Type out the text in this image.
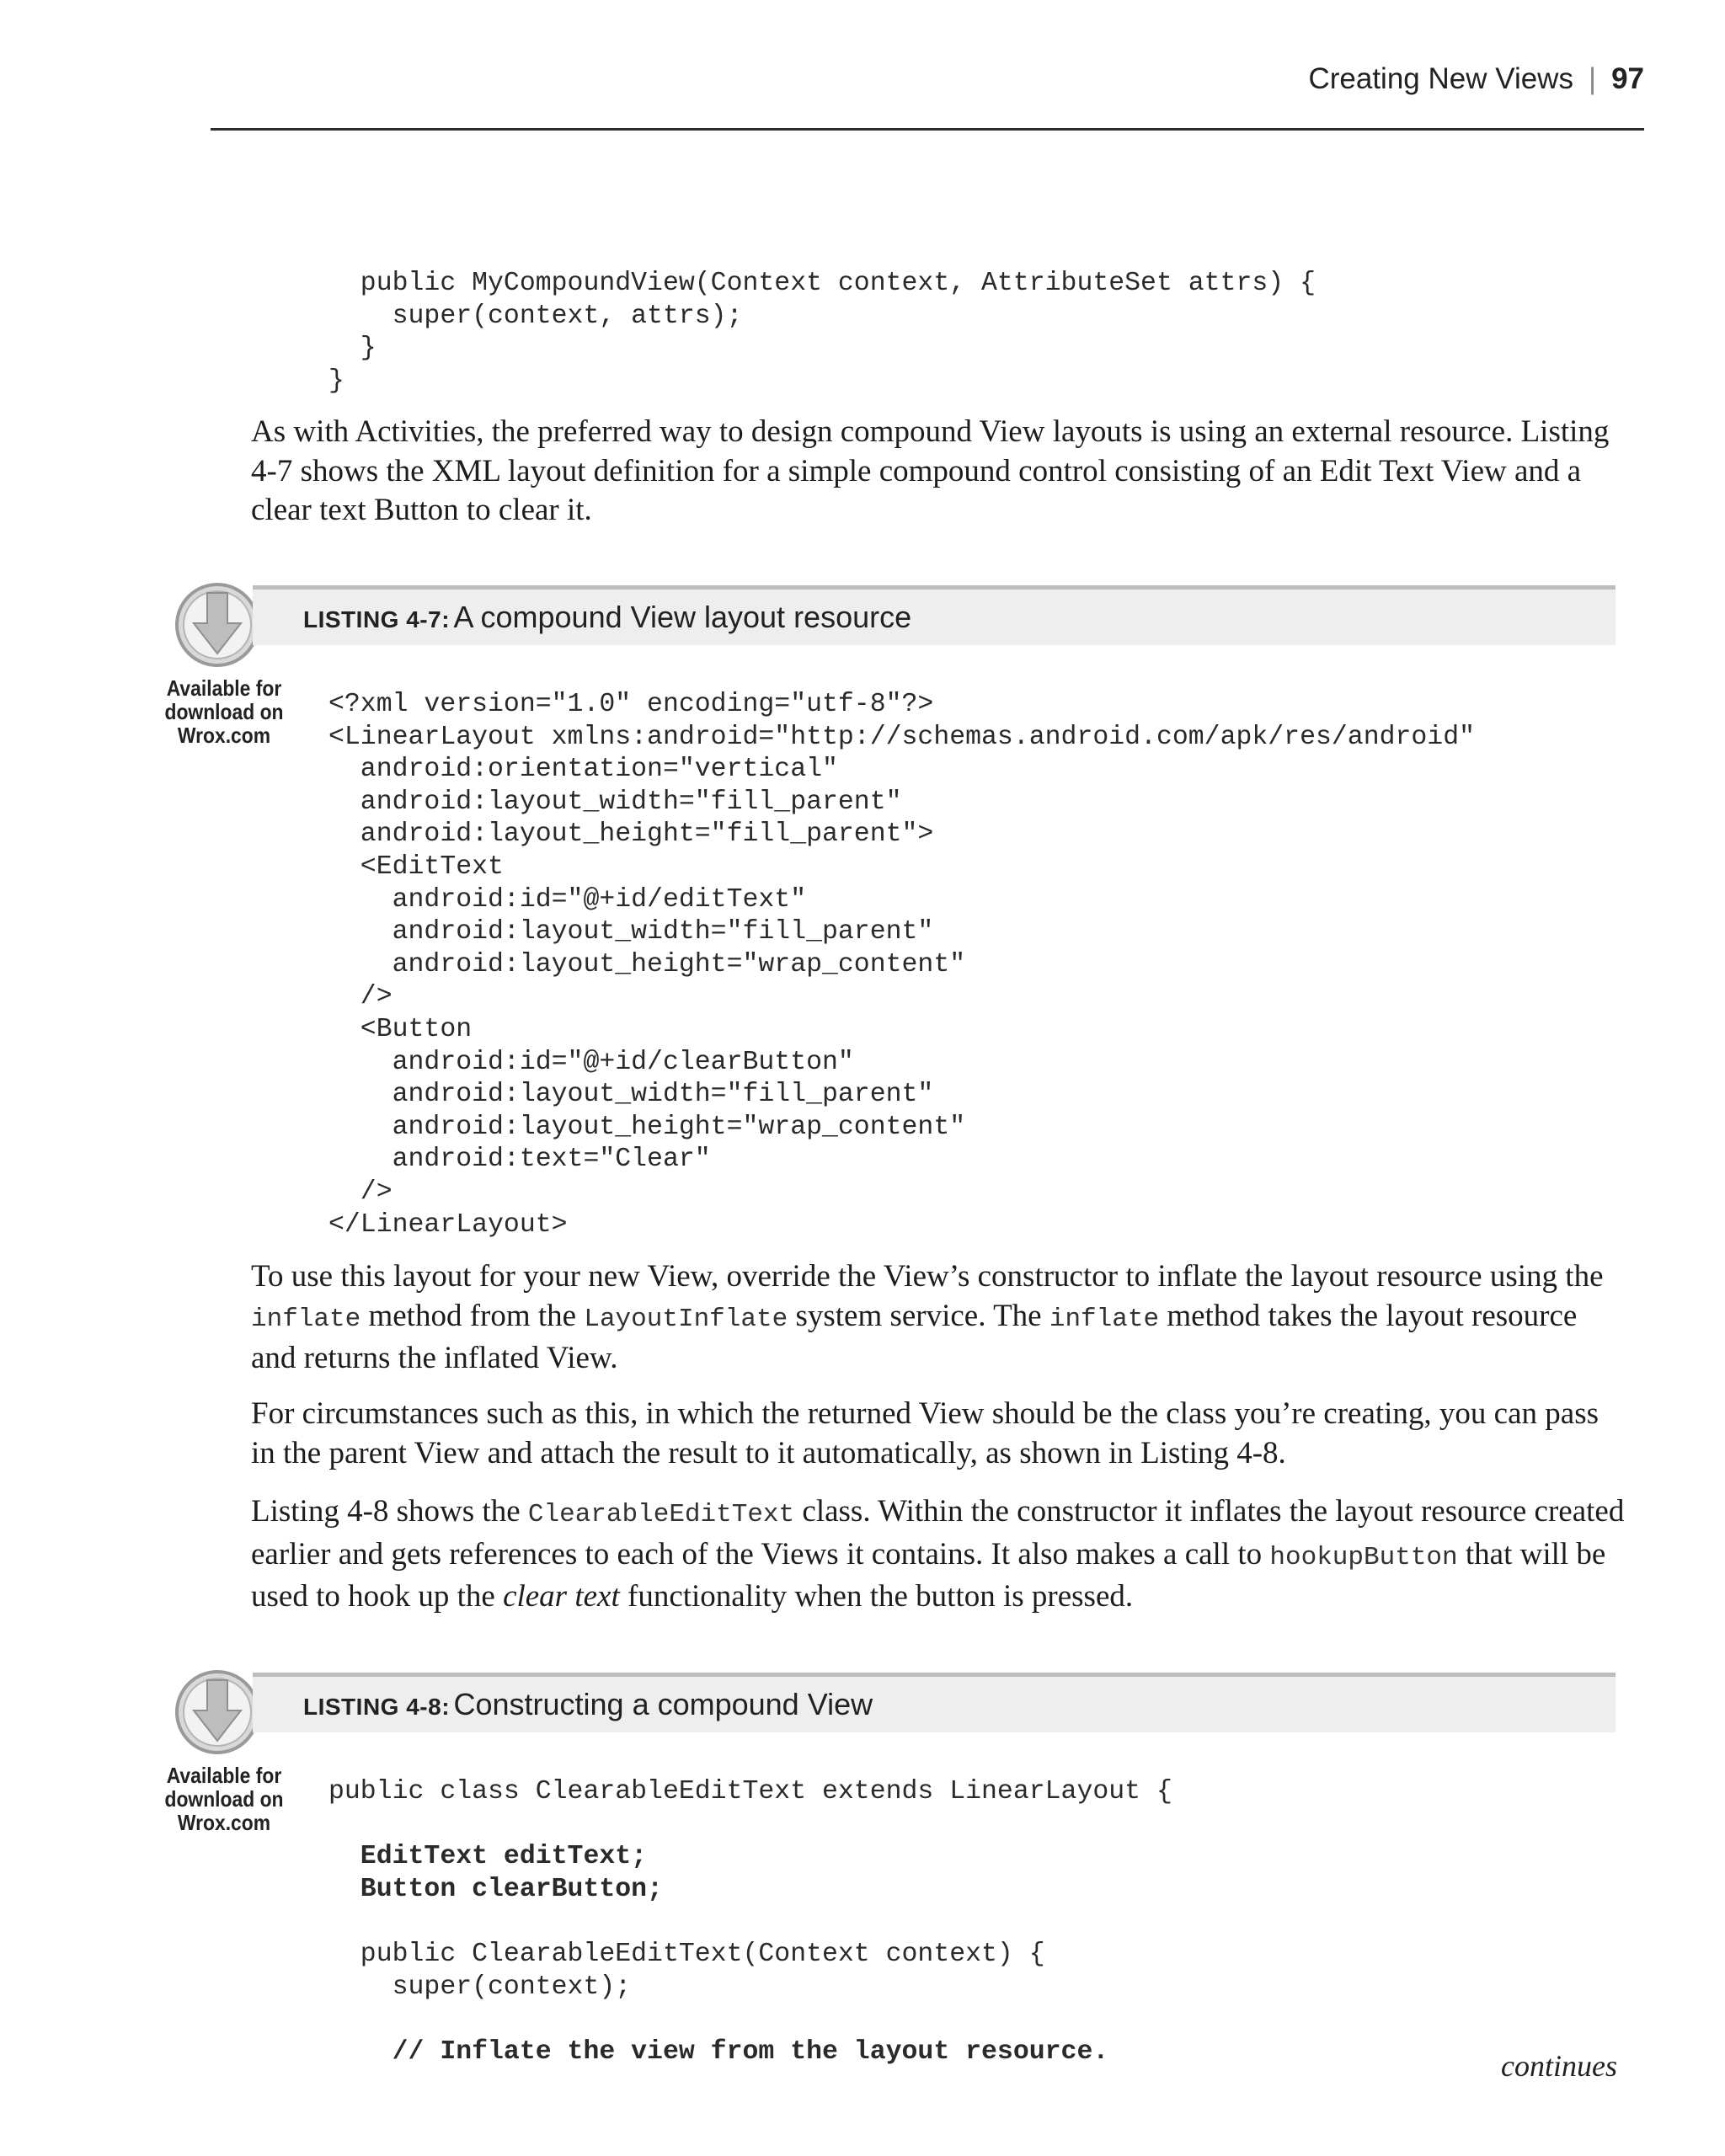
Creating New Views | 97
public MyCompoundView(Context context, AttributeSet attrs) {
super(context, attrs);
}
}

As with Activities, the preferred way to design compound View layouts is using an external resource. Listing 4-7 shows the XML layout definition for a simple compound control consisting of an Edit Text View and a clear text Button to clear it.

LISTING 4-7: A compound View layout resource
Available for
download on
Wrox.com
<?xml version="1.0" encoding="utf-8"?>
<LinearLayout xmlns:android="http://schemas.android.com/apk/res/android"
android:orientation="vertical"
android:layout_width="fill_parent"
android:layout_height="fill_parent">
<EditText
android:id="@+id/editText"
android:layout_width="fill_parent"
android:layout_height="wrap_content"
/>
<Button
android:id="@+id/clearButton"
android:layout_width="fill_parent"
android:layout_height="wrap_content"
android:text="Clear"
/>
</LinearLayout>

To use this layout for your new View, override the View’s constructor to inflate the layout resource using the inflate method from the LayoutInflate system service. The inflate method takes the layout resource and returns the inflated View.

For circumstances such as this, in which the returned View should be the class you’re creating, you can pass in the parent View and attach the result to it automatically, as shown in Listing 4-8.

Listing 4-8 shows the ClearableEditText class. Within the constructor it inflates the layout resource created earlier and gets references to each of the Views it contains. It also makes a call to hookupButton that will be used to hook up the clear text functionality when the button is pressed.

LISTING 4-8: Constructing a compound View
Available for
download on
Wrox.com
public class ClearableEditText extends LinearLayout {

EditText editText;
Button clearButton;

public ClearableEditText(Context context) {
super(context);

// Inflate the view from the layout resource.	continues
